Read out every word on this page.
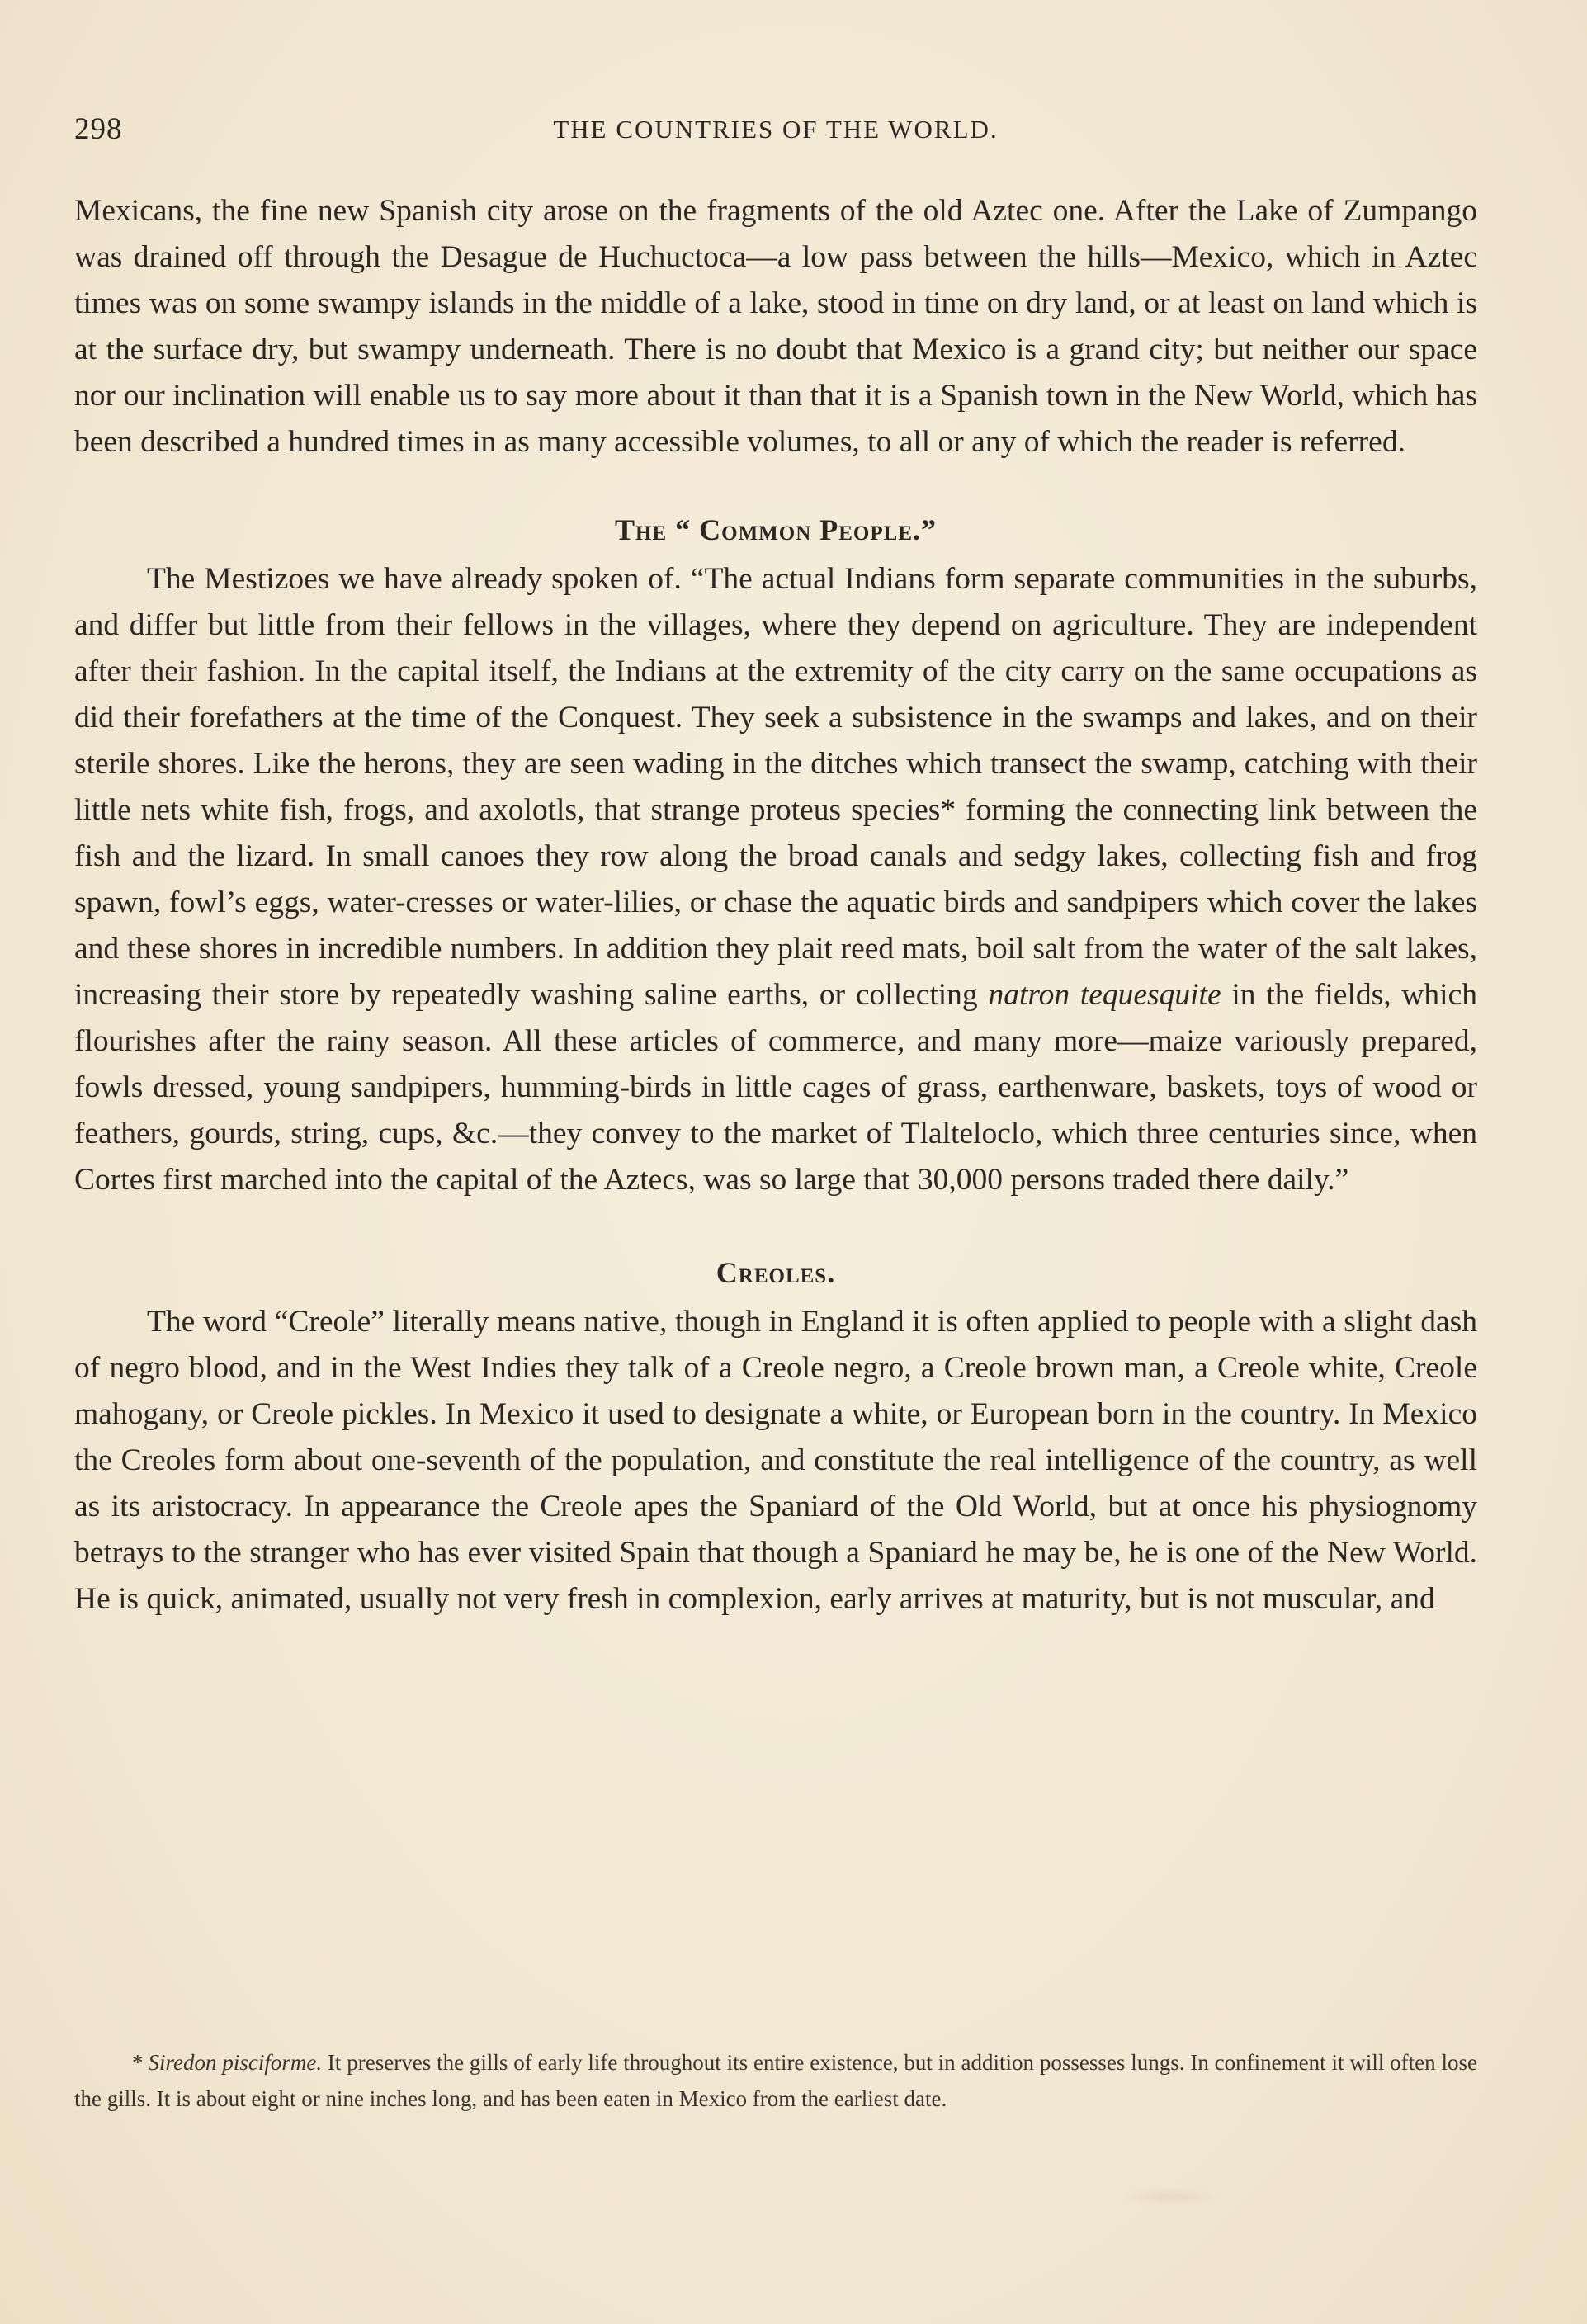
298	THE COUNTRIES OF THE WORLD.

Mexicans, the fine new Spanish city arose on the fragments of the old Aztec one. After the Lake of Zumpango was drained off through the Desague de Huchuctoca—a low pass between the hills—Mexico, which in Aztec times was on some swampy islands in the middle of a lake, stood in time on dry land, or at least on land which is at the surface dry, but swampy underneath. There is no doubt that Mexico is a grand city; but neither our space nor our inclination will enable us to say more about it than that it is a Spanish town in the New World, which has been described a hundred times in as many accessible volumes, to all or any of which the reader is referred.

The “ Common People.”

The Mestizoes we have already spoken of. “The actual Indians form separate communities in the suburbs, and differ but little from their fellows in the villages, where they depend on agriculture. They are independent after their fashion. In the capital itself, the Indians at the extremity of the city carry on the same occupations as did their forefathers at the time of the Conquest. They seek a subsistence in the swamps and lakes, and on their sterile shores. Like the herons, they are seen wading in the ditches which transect the swamp, catching with their little nets white fish, frogs, and axolotls, that strange proteus species* forming the connecting link between the fish and the lizard. In small canoes they row along the broad canals and sedgy lakes, collecting fish and frog spawn, fowl’s eggs, water-cresses or water-lilies, or chase the aquatic birds and sandpipers which cover the lakes and these shores in incredible numbers. In addition they plait reed mats, boil salt from the water of the salt lakes, increasing their store by repeatedly washing saline earths, or collecting natron tequesquite in the fields, which flourishes after the rainy season. All these articles of commerce, and many more—maize variously prepared, fowls dressed, young sandpipers, humming-birds in little cages of grass, earthenware, baskets, toys of wood or feathers, gourds, string, cups, &c.—they convey to the market of Tlalteloclo, which three centuries since, when Cortes first marched into the capital of the Aztecs, was so large that 30,000 persons traded there daily.”

Creoles.

The word “Creole” literally means native, though in England it is often applied to people with a slight dash of negro blood, and in the West Indies they talk of a Creole negro, a Creole brown man, a Creole white, Creole mahogany, or Creole pickles. In Mexico it used to designate a white, or European born in the country. In Mexico the Creoles form about one-seventh of the population, and constitute the real intelligence of the country, as well as its aristocracy. In appearance the Creole apes the Spaniard of the Old World, but at once his physiognomy betrays to the stranger who has ever visited Spain that though a Spaniard he may be, he is one of the New World. He is quick, animated, usually not very fresh in complexion, early arrives at maturity, but is not muscular, and

* Siredon pisciforme. It preserves the gills of early life throughout its entire existence, but in addition possesses lungs. In confinement it will often lose the gills. It is about eight or nine inches long, and has been eaten in Mexico from the earliest date.
